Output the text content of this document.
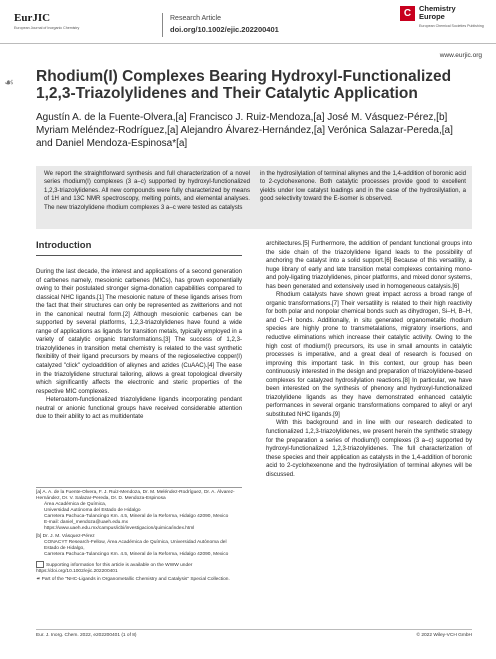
EurJIC
European Journal of Inorganic Chemistry
Research Article
doi.org/10.1002/ejic.202200401
C	Chemistry
Europe
European Chemical Societies Publishing
www.eurjic.org
☙ Rhodium(I) Complexes Bearing Hydroxyl-Functionalized 1,2,3-Triazolylidenes and Their Catalytic Application
Agustín A. de la Fuente-Olvera,[a] Francisco J. Ruiz-Mendoza,[a] José M. Vásquez-Pérez,[b] Myriam Meléndez-Rodríguez,[a] Alejandro Álvarez-Hernández,[a] Verónica Salazar-Pereda,[a] and Daniel Mendoza-Espinosa*[a]
We report the straightforward synthesis and full characterization of a novel series rhodium(I) complexes (3 a–c) supported by hydroxyl-functionalized 1,2,3-triazolylidenes. All new compounds were fully characterized by means of 1H and 13C NMR spectroscopy, melting points, and elemental analyses. The new triazolylidene rhodium complexes 3 a–c were tested as catalysts
in the hydrosilylation of terminal alkynes and the 1,4-addition of boronic acid to 2-cyclohexenone. Both catalytic processes provide good to excellent yields under low catalyst loadings and in the case of the hydrosilylation, a good selectivity toward the E-isomer is observed.
Introduction

During the last decade, the interest and applications of a second generation of carbenes namely, mesoionic carbenes (MICs), has grown exponentially owing to their postulated stronger sigma-donation capabilities compared to classical NHC ligands.[1] The mesoionic nature of these ligands arises from the fact that their structures can only be represented as zwitterions and not in the canonical neutral form.[2] Although mesoionic carbenes can be supported by several platforms, 1,2,3-triazolylidenes have found a wide range of applications as ligands for transition metals, typically employed in a variety of catalytic organic transformations.[3] The success of 1,2,3-triazolylidenes in transition metal chemistry is related to the vast synthetic flexibility of their ligand precursors by means of the regioselective copper(I) catalyzed "click" cycloaddition of alkynes and azides (CuAAC).[4] The ease in the triazolylidene structural tailoring, allows a great topological diversity which significantly affects the electronic and steric properties of the respective MIC complexes.

Heteroatom-functionalized triazolylidene ligands incorporating pendant neutral or anionic functional groups have received considerable attention due to their ability to act as multidentate

[a] A. A. de la Fuente-Olvera, F. J. Ruiz-Mendoza, Dr. M. Meléndez-Rodríguez, Dr. A. Álvarez-Hernández, Dr. V. Salazar-Pereda, Dr. D. Mendoza-Espinosa
Área Académica de Química,
Universidad Autónoma del Estado de Hidalgo
Carretera Pachuca-Tulancingo Km. 4.5, Mineral de la Reforma, Hidalgo 42090, Mexico
E-mail: daniel_mendoza@uaeh.edu.mx
https://www.uaeh.edu.mx/campus/icbi/investigacion/quimica/index.html
[b] Dr. J. M. Vásquez-Pérez
CONACYT Research-Fellow, Área Académica de Química, Universidad Autónoma del Estado de Hidalgo,
Carretera Pachuca-Tulancingo Km. 4.5, Mineral de la Reforma, Hidalgo 42090, Mexico
Supporting information for this article is available on the WWW under https://doi.org/10.1002/ejic.202200401
☙ Part of the "NHC-Ligands in Organometallic Chemistry and Catalysis" Special Collection.

architectures.[5] Furthermore, the addition of pendant functional groups into the side chain of the triazolylidene ligand leads to the possibility of anchoring the catalyst into a solid support.[6] Because of this versatility, a huge library of early and late transition metal complexes containing mono- and poly-ligating triazolylidenes, pincer platforms, and mixed donor systems, has been generated and extensively used in homogeneous catalysis.[6]

Rhodium catalysts have shown great impact across a broad range of organic transformations.[7] Their versatility is related to their high reactivity for both polar and nonpolar chemical bonds such as dihydrogen, Si–H, B–H, and C–H bonds. Additionally, in situ generated organometallic rhodium species are highly prone to transmetalations, migratory insertions, and reductive eliminations which increase their catalytic activity. Owing to the high cost of rhodium(I) precursors, its use in small amounts in catalytic processes is imperative, and a great deal of research is focused on improving this important task. In this context, our group has been continuously interested in the design and preparation of triazolylidene-based complexes for catalyzed hydrosilylation reactions.[8] In particular, we have been interested on the synthesis of phenoxy and hydroxyl-functionalized triazolylidene ligands as they have demonstrated enhanced catalytic performances in several organic transformations compared to alkyl or aryl substituted NHC ligands.[9]

With this background and in line with our research dedicated to functionalized 1,2,3-triazolylidenes, we present herein the synthetic strategy for the preparation a series of rhodium(I) complexes (3 a–c) supported by hydroxyl-functionalized 1,2,3-triazolylidenes. The full characterization of these species and their application as catalysts in the 1,4-addition of boronic acid to 2-cyclohexenone and the hydrosilylation of terminal alkynes will be discussed.

Eur. J. Inorg. Chem. 2022, e202200401 (1 of 8)	© 2022 Wiley-VCH GmbH
